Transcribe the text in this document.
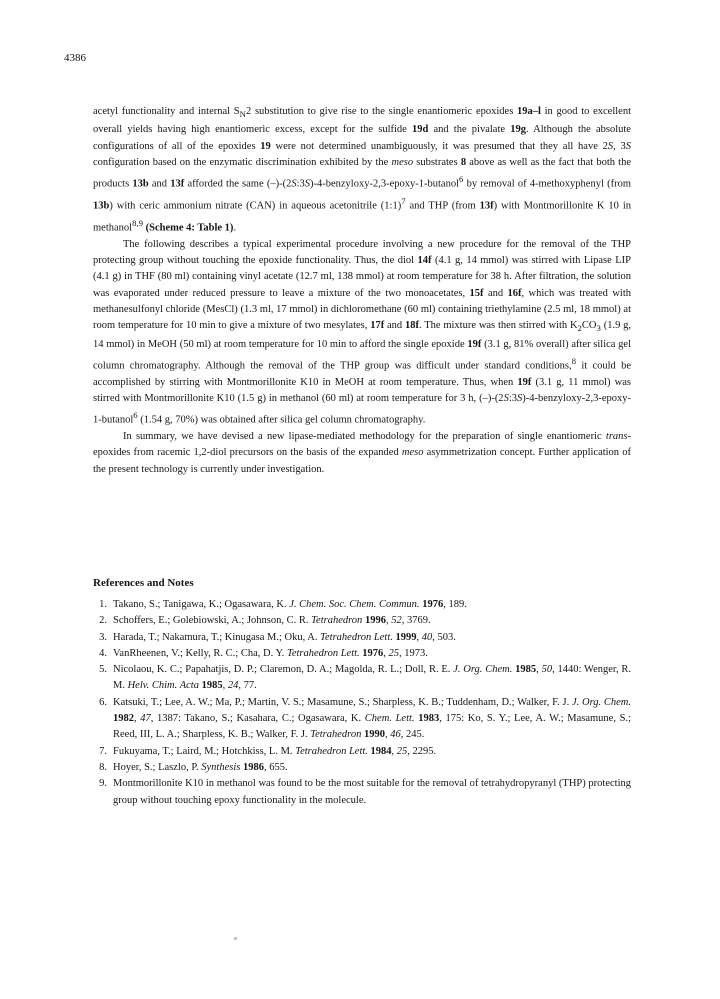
4386

acetyl functionality and internal $S_N2$ substitution to give rise to the single enantiomeric epoxides 19a–l in good to excellent overall yields having high enantiomeric excess, except for the sulfide 19d and the pivalate 19g. Although the absolute configurations of all of the epoxides 19 were not determined unambiguously, it was presumed that they all have 2S, 3S configuration based on the enzymatic discrimination exhibited by the meso substrates 8 above as well as the fact that both the products 13b and 13f afforded the same (–)-(2S:3S)-4-benzyloxy-2,3-epoxy-1-butanol$^6$ by removal of 4-methoxyphenyl (from 13b) with ceric ammonium nitrate (CAN) in aqueous acetonitrile (1:1)$^7$ and THP (from 13f) with Montmorillonite K 10 in methanol$^{8,9}$ (Scheme 4: Table 1).

The following describes a typical experimental procedure involving a new procedure for the removal of the THP protecting group without touching the epoxide functionality. Thus, the diol 14f (4.1 g, 14 mmol) was stirred with Lipase LIP (4.1 g) in THF (80 ml) containing vinyl acetate (12.7 ml, 138 mmol) at room temperature for 38 h. After filtration, the solution was evaporated under reduced pressure to leave a mixture of the two monoacetates, 15f and 16f, which was treated with methanesulfonyl chloride (MesCl) (1.3 ml, 17 mmol) in dichloromethane (60 ml) containing triethylamine (2.5 ml, 18 mmol) at room temperature for 10 min to give a mixture of two mesylates, 17f and 18f. The mixture was then stirred with $K_2CO_3$ (1.9 g, 14 mmol) in MeOH (50 ml) at room temperature for 10 min to afford the single epoxide 19f (3.1 g, 81% overall) after silica gel column chromatography. Although the removal of the THP group was difficult under standard conditions,$^8$ it could be accomplished by stirring with Montmorillonite K10 in MeOH at room temperature. Thus, when 19f (3.1 g, 11 mmol) was stirred with Montmorillonite K10 (1.5 g) in methanol (60 ml) at room temperature for 3 h, (–)-(2S:3S)-4-benzyloxy-2,3-epoxy-1-butanol$^6$ (1.54 g, 70%) was obtained after silica gel column chromatography.

In summary, we have devised a new lipase-mediated methodology for the preparation of single enantiomeric trans-epoxides from racemic 1,2-diol precursors on the basis of the expanded meso asymmetrization concept. Further application of the present technology is currently under investigation.

References and Notes
1. Takano, S.; Tanigawa, K.; Ogasawara, K. J. Chem. Soc. Chem. Commun. 1976, 189.
2. Schoffers, E.; Golebiowski, A.; Johnson, C. R. Tetrahedron 1996, 52, 3769.
3. Harada, T.; Nakamura, T.; Kinugasa M.; Oku, A. Tetrahedron Lett. 1999, 40, 503.
4. VanRheenen, V.; Kelly, R. C.; Cha, D. Y. Tetrahedron Lett. 1976, 25, 1973.
5. Nicolaou, K. C.; Papahatjis, D. P.; Claremon, D. A.; Magolda, R. L.; Doll, R. E. J. Org. Chem. 1985, 50, 1440: Wenger, R. M. Helv. Chim. Acta 1985, 24, 77.
6. Katsuki, T.; Lee, A. W.; Ma, P.; Martin, V. S.; Masamune, S.; Sharpless, K. B.; Tuddenham, D.; Walker, F. J. J. Org. Chem. 1982, 47, 1387: Takano, S.; Kasahara, C.; Ogasawara, K. Chem. Lett. 1983, 175: Ko, S. Y.; Lee, A. W.; Masamune, S.; Reed, III, L. A.; Sharpless, K. B.; Walker, F. J. Tetrahedron 1990, 46, 245.
7. Fukuyama, T.; Laird, M.; Hotchkiss, L. M. Tetrahedron Lett. 1984, 25, 2295.
8. Hoyer, S.; Laszlo, P. Synthesis 1986, 655.
9. Montmorillonite K10 in methanol was found to be the most suitable for the removal of tetrahydropyranyl (THP) protecting group without touching epoxy functionality in the molecule.
